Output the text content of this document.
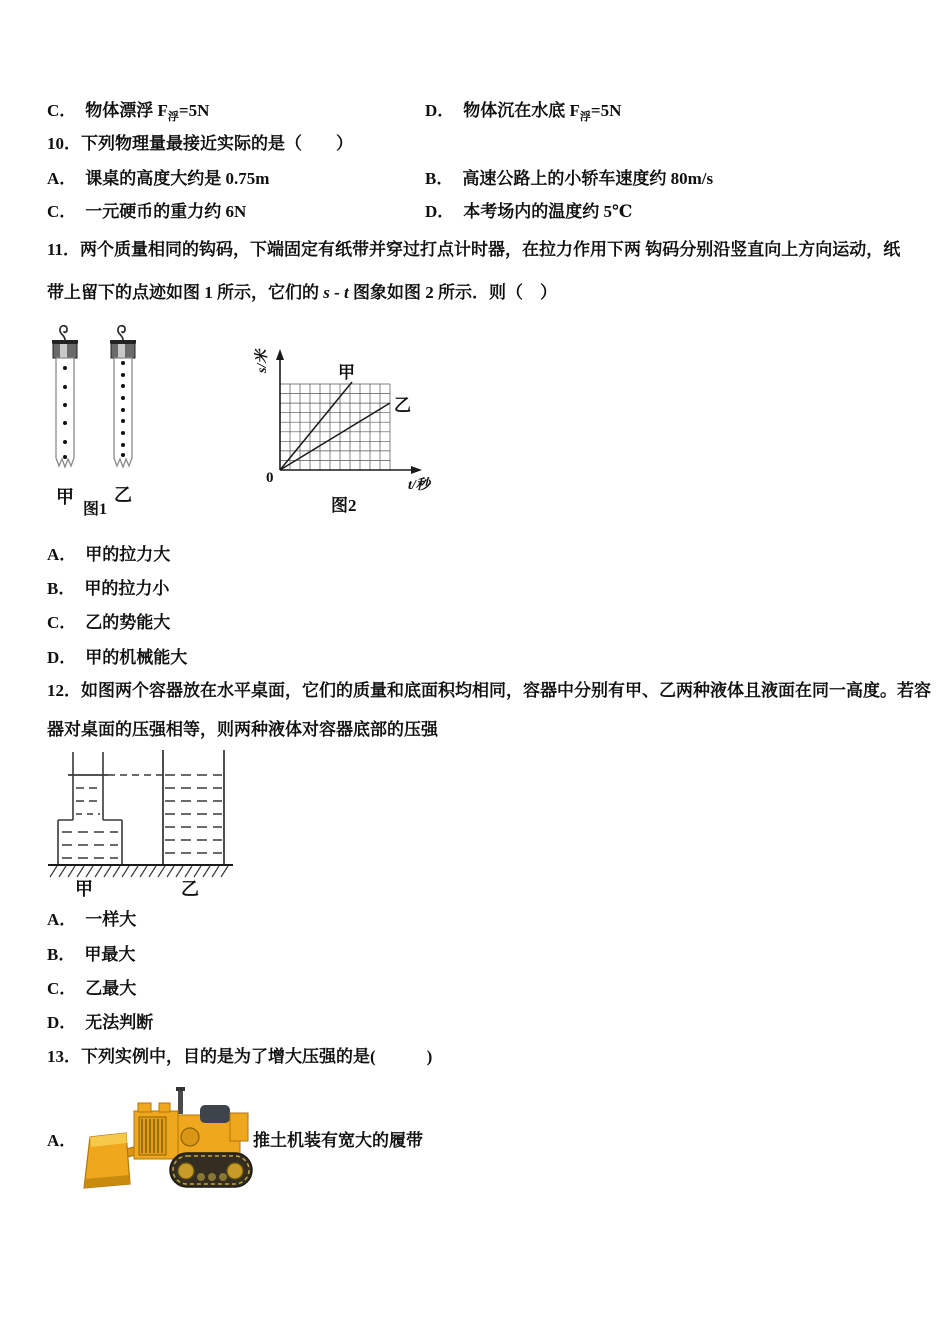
C． 物体漂浮 $F_浮=5N$	D． 物体沉在水底 $F_浮=5N$
10．下列物理量最接近实际的是（　　）
A． 课桌的高度大约是 0.75m	B． 高速公路上的小轿车速度约 80m/s
C． 一元硬币的重力约 6N	D． 本考场内的温度约 5℃
11．两个质量相同的钩码，下端固定有纸带并穿过打点计时器，在拉力作用下两 钩码分别沿竖直向上方向运动，纸
带上留下的点迹如图 1 所示，它们的 s - t 图象如图 2 所示．则（　）
甲 乙
图1
甲
乙
s/米
0	t/秒
图2
A． 甲的拉力大
B． 甲的拉力小
C． 乙的势能大
D． 甲的机械能大
12．如图两个容器放在水平桌面，它们的质量和底面积均相同，容器中分别有甲、乙两种液体且液面在同一高度。若容
器对桌面的压强相等，则两种液体对容器底部的压强
甲	乙
A． 一样大
B． 甲最大
C． 乙最大
D． 无法判断
13．下列实例中，目的是为了增大压强的是(　　　)
A．	推土机装有宽大的履带
